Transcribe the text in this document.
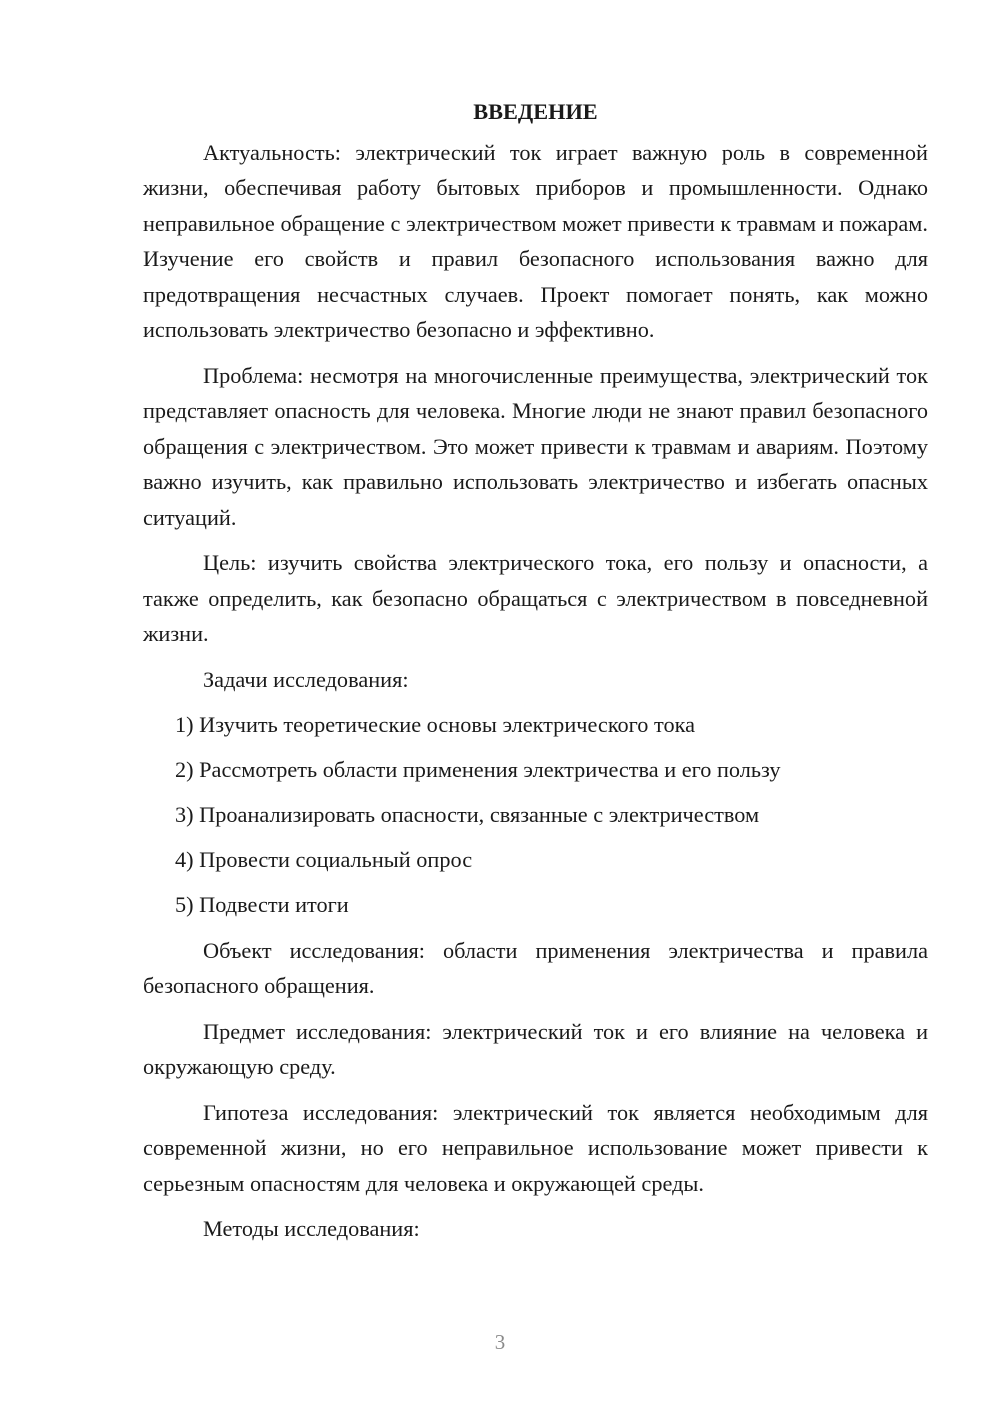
ВВЕДЕНИЕ

Актуальность: электрический ток играет важную роль в современной жизни, обеспечивая работу бытовых приборов и промышленности. Однако неправильное обращение с электричеством может привести к травмам и пожарам. Изучение его свойств и правил безопасного использования важно для предотвращения несчастных случаев. Проект помогает понять, как можно использовать электричество безопасно и эффективно.

Проблема: несмотря на многочисленные преимущества, электрический ток представляет опасность для человека. Многие люди не знают правил безопасного обращения с электричеством. Это может привести к травмам и авариям. Поэтому важно изучить, как правильно использовать электричество и избегать опасных ситуаций.

Цель: изучить свойства электрического тока, его пользу и опасности, а также определить, как безопасно обращаться с электричеством в повседневной жизни.

Задачи исследования:

1) Изучить теоретические основы электрического тока
2) Рассмотреть области применения электричества и его пользу
3) Проанализировать опасности, связанные с электричеством
4) Провести социальный опрос
5) Подвести итоги

Объект исследования: области применения электричества и правила безопасного обращения.

Предмет исследования: электрический ток и его влияние на человека и окружающую среду.

Гипотеза исследования: электрический ток является необходимым для современной жизни, но его неправильное использование может привести к серьезным опасностям для человека и окружающей среды.

Методы исследования:

3
